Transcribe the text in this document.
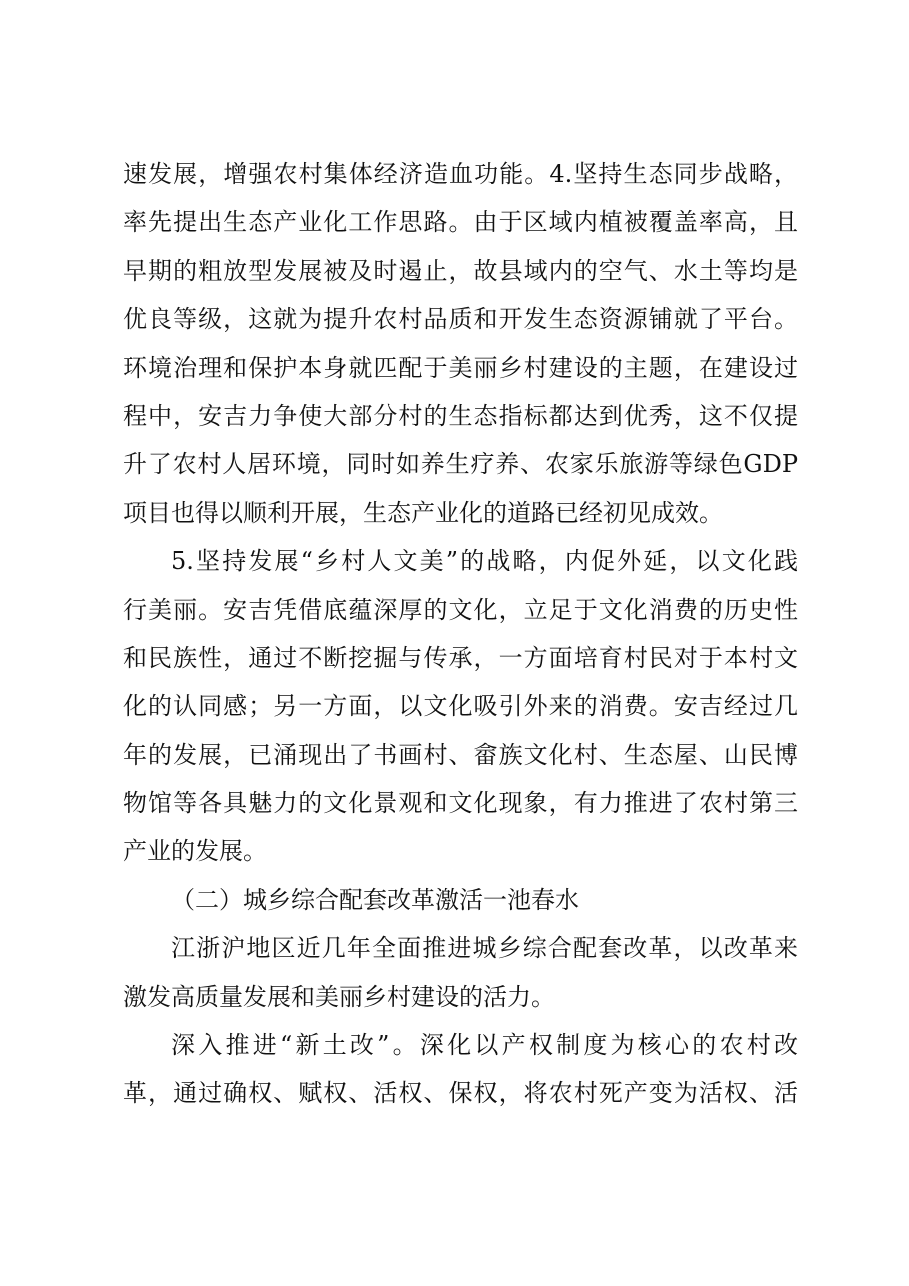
速发展，增强农村集体经济造血功能。4.坚持生态同步战略，
率先提出生态产业化工作思路。由于区域内植被覆盖率高，且
早期的粗放型发展被及时遏止，故县域内的空气、水土等均是
优良等级，这就为提升农村品质和开发生态资源铺就了平台。
环境治理和保护本身就匹配于美丽乡村建设的主题，在建设过
程中，安吉力争使大部分村的生态指标都达到优秀，这不仅提
升了农村人居环境，同时如养生疗养、农家乐旅游等绿色GDP
项目也得以顺利开展，生态产业化的道路已经初见成效。
5.坚持发展“乡村人文美”的战略，内促外延，以文化践
行美丽。安吉凭借底蕴深厚的文化，立足于文化消费的历史性
和民族性，通过不断挖掘与传承，一方面培育村民对于本村文
化的认同感；另一方面，以文化吸引外来的消费。安吉经过几
年的发展，已涌现出了书画村、畲族文化村、生态屋、山民博
物馆等各具魅力的文化景观和文化现象，有力推进了农村第三
产业的发展。
（二）城乡综合配套改革激活一池春水
江浙沪地区近几年全面推进城乡综合配套改革，以改革来
激发高质量发展和美丽乡村建设的活力。
深入推进“新土改”。深化以产权制度为核心的农村改
革，通过确权、赋权、活权、保权，将农村死产变为活权、活
